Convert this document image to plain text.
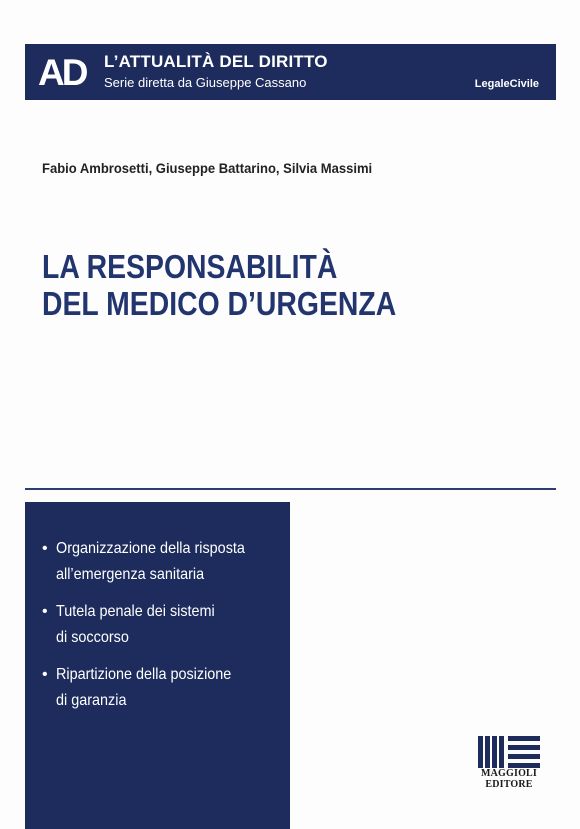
AD L’ATTUALITÀ DEL DIRITTO
Serie diretta da Giuseppe Cassano	LegaleCivile
Fabio Ambrosetti, Giuseppe Battarino, Silvia Massimi
LA RESPONSABILITÀ
DEL MEDICO D’URGENZA
• Organizzazione della risposta
all’emergenza sanitaria
• Tutela penale dei sistemi
di soccorso
• Ripartizione della posizione
di garanzia
MAGGIOLI
EDITORE
